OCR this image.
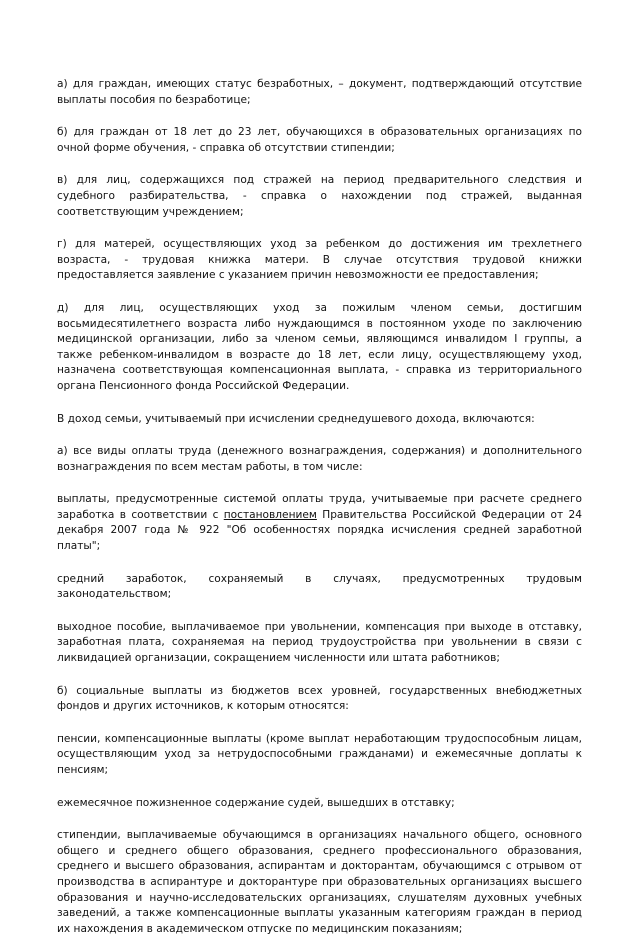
а) для граждан, имеющих статус безработных, – документ, подтверждающий отсутствие выплаты пособия по безработице;

б) для граждан от 18 лет до 23 лет, обучающихся в образовательных организациях по очной форме обучения, - справка об отсутствии стипендии;

в) для лиц, содержащихся под стражей на период предварительного следствия и судебного разбирательства, - справка о нахождении под стражей, выданная соответствующим учреждением;

г) для матерей, осуществляющих уход за ребенком до достижения им трехлетнего возраста, - трудовая книжка матери. В случае отсутствия трудовой книжки предоставляется заявление с указанием причин невозможности ее предоставления;

д) для лиц, осуществляющих уход за пожилым членом семьи, достигшим восьмидесятилетнего возраста либо нуждающимся в постоянном уходе по заключению медицинской организации, либо за членом семьи, являющимся инвалидом I группы, а также ребенком-инвалидом в возрасте до 18 лет, если лицу, осуществляющему уход, назначена соответствующая компенсационная выплата, - справка из территориального органа Пенсионного фонда Российской Федерации.

В доход семьи, учитываемый при исчислении среднедушевого дохода, включаются:

а) все виды оплаты труда (денежного вознаграждения, содержания) и дополнительного вознаграждения по всем местам работы, в том числе:

выплаты, предусмотренные системой оплаты труда, учитываемые при расчете среднего заработка в соответствии с постановлением Правительства Российской Федерации от 24 декабря 2007 года № 922 "Об особенностях порядка исчисления средней заработной платы";

средний заработок, сохраняемый в случаях, предусмотренных трудовым законодательством;

выходное пособие, выплачиваемое при увольнении, компенсация при выходе в отставку, заработная плата, сохраняемая на период трудоустройства при увольнении в связи с ликвидацией организации, сокращением численности или штата работников;

б) социальные выплаты из бюджетов всех уровней, государственных внебюджетных фондов и других источников, к которым относятся:

пенсии, компенсационные выплаты (кроме выплат неработающим трудоспособным лицам, осуществляющим уход за нетрудоспособными гражданами) и ежемесячные доплаты к пенсиям;

ежемесячное пожизненное содержание судей, вышедших в отставку;

стипендии, выплачиваемые обучающимся в организациях начального общего, основного общего и среднего общего образования, среднего профессионального образования, среднего и высшего образования, аспирантам и докторантам, обучающимся с отрывом от производства в аспирантуре и докторантуре при образовательных организациях высшего образования и научно-исследовательских организациях, слушателям духовных учебных заведений, а также компенсационные выплаты указанным категориям граждан в период их нахождения в академическом отпуске по медицинским показаниям;
